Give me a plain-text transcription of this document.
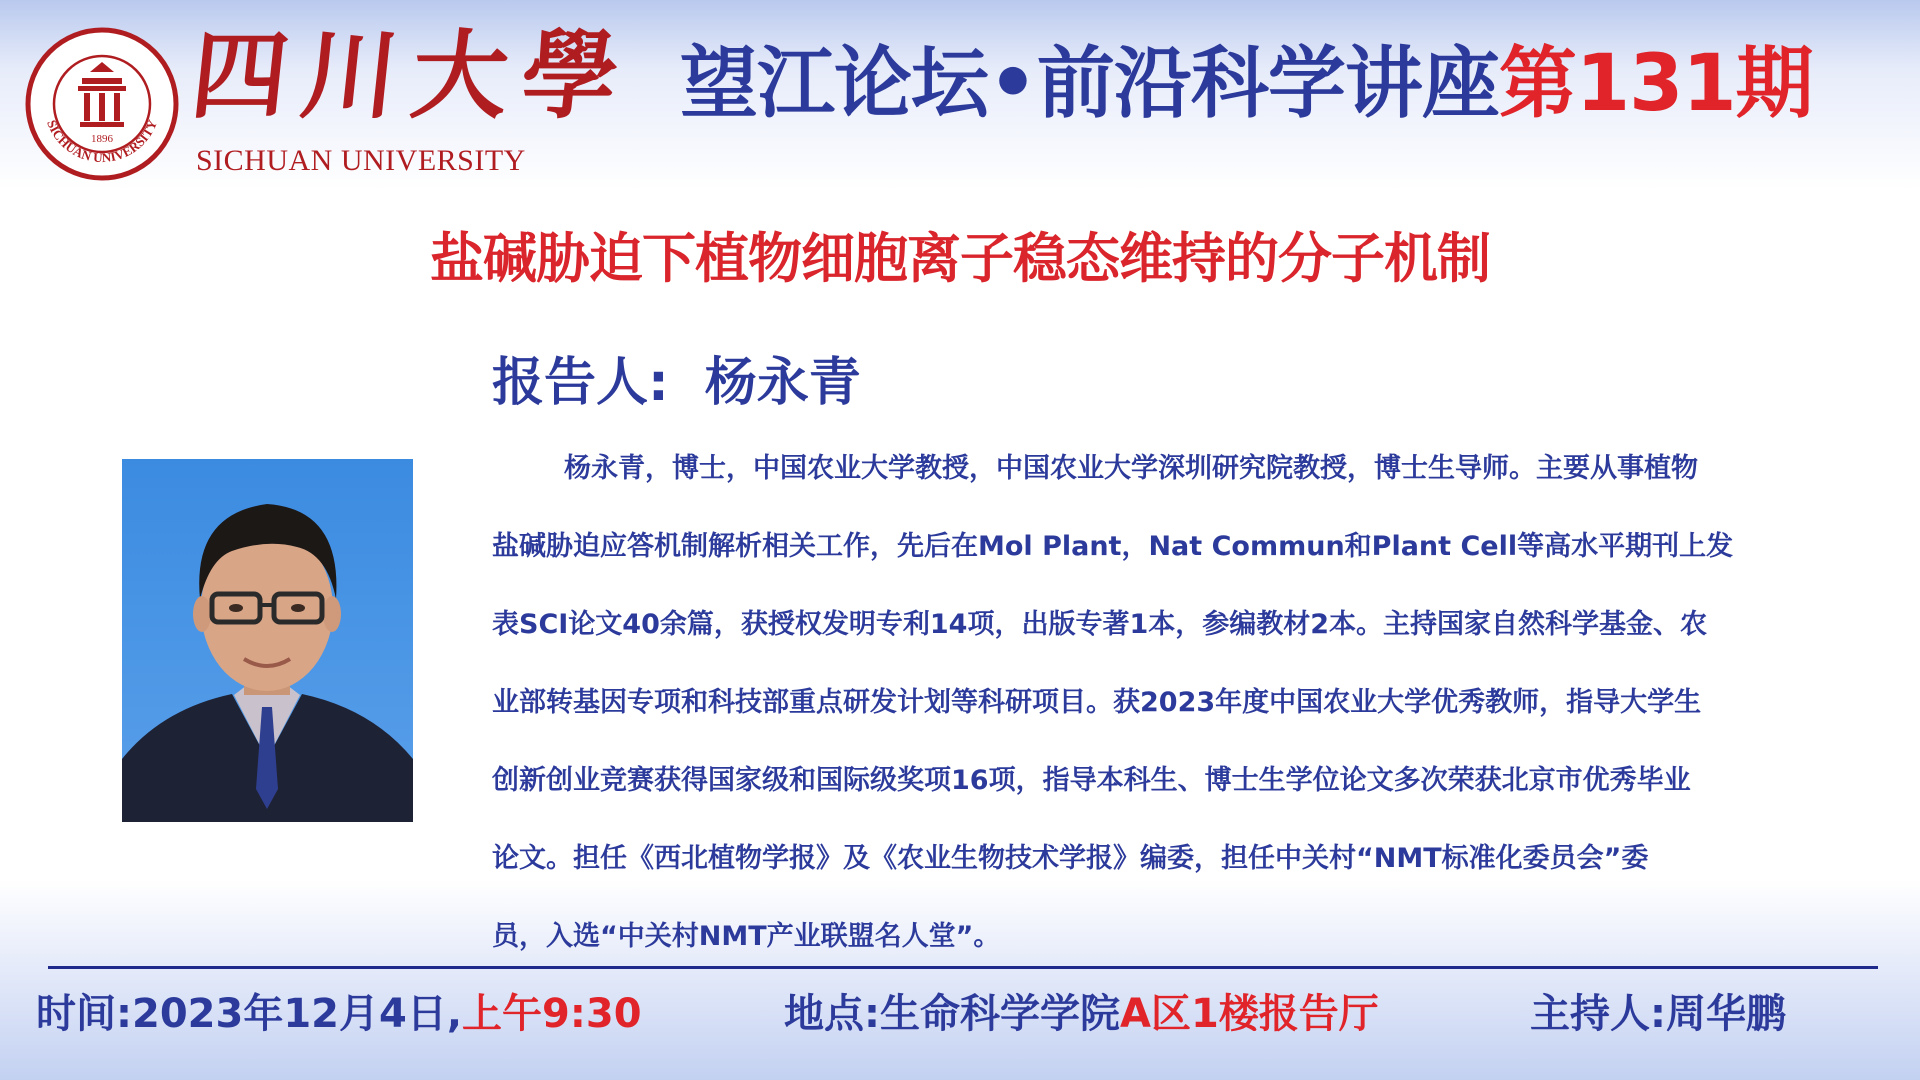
SICHUAN UNIVERSITY
1896
四川大學
SICHUAN UNIVERSITY
望江论坛•前沿科学讲座第131期
盐碱胁迫下植物细胞离子稳态维持的分子机制
报告人: 杨永青
杨永青，博士，中国农业大学教授，中国农业大学深圳研究院教授，博士生导师。主要从事植物
盐碱胁迫应答机制解析相关工作，先后在Mol Plant，Nat Commun和Plant Cell等高水平期刊上发
表SCI论文40余篇，获授权发明专利14项，出版专著1本，参编教材2本。主持国家自然科学基金、农
业部转基因专项和科技部重点研发计划等科研项目。获2023年度中国农业大学优秀教师，指导大学生
创新创业竞赛获得国家级和国际级奖项16项，指导本科生、博士生学位论文多次荣获北京市优秀毕业
论文。担任《西北植物学报》及《农业生物技术学报》编委，担任中关村“NMT标准化委员会”委
员，入选“中关村NMT产业联盟名人堂”。
时间:2023年12月4日,上午9:30	地点:生命科学学院A区1楼报告厅	主持人:周华鹏
